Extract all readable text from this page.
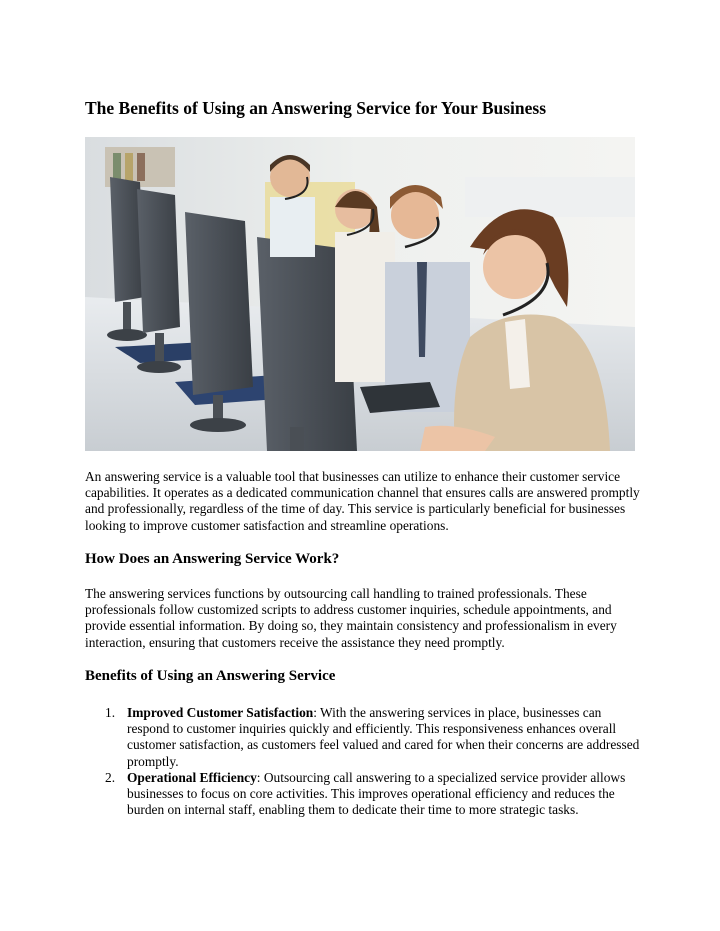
The Benefits of Using an Answering Service for Your Business

An answering service is a valuable tool that businesses can utilize to enhance their customer service capabilities. It operates as a dedicated communication channel that ensures calls are answered promptly and professionally, regardless of the time of day. This service is particularly beneficial for businesses looking to improve customer satisfaction and streamline operations.

How Does an Answering Service Work?

The answering services functions by outsourcing call handling to trained professionals. These professionals follow customized scripts to address customer inquiries, schedule appointments, and provide essential information. By doing so, they maintain consistency and professionalism in every interaction, ensuring that customers receive the assistance they need promptly.

Benefits of Using an Answering Service
1. Improved Customer Satisfaction: With the answering services in place, businesses can respond to customer inquiries quickly and efficiently. This responsiveness enhances overall customer satisfaction, as customers feel valued and cared for when their concerns are addressed promptly.
2. Operational Efficiency: Outsourcing call answering to a specialized service provider allows businesses to focus on core activities. This improves operational efficiency and reduces the burden on internal staff, enabling them to dedicate their time to more strategic tasks.
